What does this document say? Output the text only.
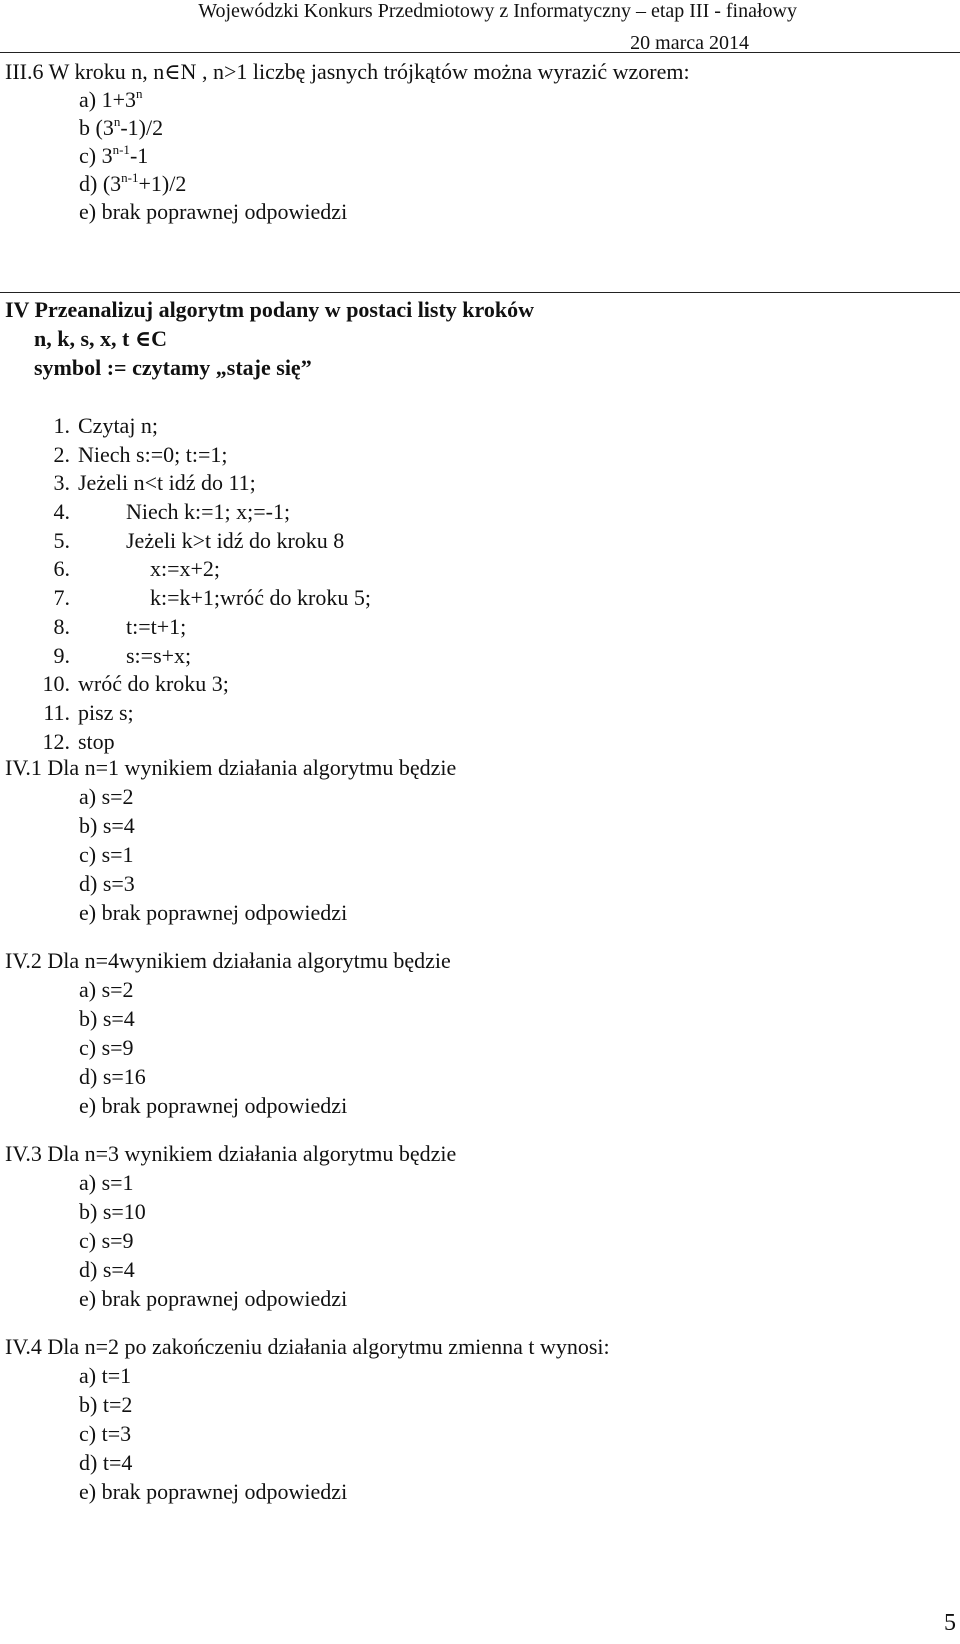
Wojewódzki Konkurs Przedmiotowy z Informatyczny – etap III - finałowy
20 marca 2014
III.6 W kroku n, n∈N , n>1 liczbę jasnych trójkątów można wyrazić wzorem:
a) $1+3^n$
b (3$^n$-1)/2
c) 3$^{n-1}$-1
d) $(3^{n-1}+1)/2$
e) brak poprawnej odpowiedzi
IV Przeanalizuj algorytm podany w postaci listy kroków
n, k, s, x, t ∈C
symbol := czytamy „staje się”
1. Czytaj n;
2. Niech s:=0; t:=1;
3. Jeżeli n<t idź do 11;
4.	Niech k:=1; x;=-1;
5.	Jeżeli k>t idź do kroku 8
6.	x:=x+2;
7.	k:=k+1;wróć do kroku 5;
8.	t:=t+1;
9.	s:=s+x;
10. wróć do kroku 3;
11. pisz s;
12. stop
IV.1 Dla n=1 wynikiem działania algorytmu będzie
a) s=2
b) s=4
c) s=1
d) s=3
e) brak poprawnej odpowiedzi
IV.2 Dla n=4wynikiem działania algorytmu będzie
a) s=2
b) s=4
c) s=9
d) s=16
e) brak poprawnej odpowiedzi
IV.3 Dla n=3 wynikiem działania algorytmu będzie
a) s=1
b) s=10
c) s=9
d) s=4
e) brak poprawnej odpowiedzi
IV.4 Dla n=2 po zakończeniu działania algorytmu zmienna t wynosi:
a) t=1
b) t=2
c) t=3
d) t=4
e) brak poprawnej odpowiedzi
5
